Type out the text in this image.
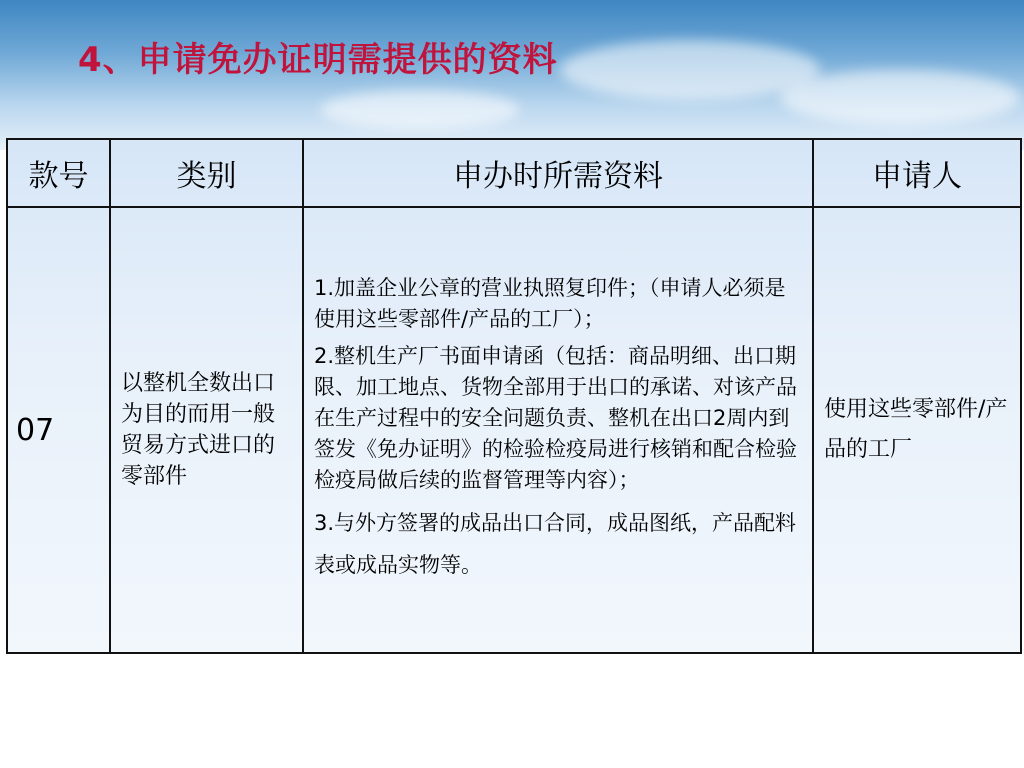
4、申请免办证明需提供的资料
款号	类别	申办时所需资料	申请人
07	以整机全数出口为目的而用一般贸易方式进口的零部件	1.加盖企业公章的营业执照复印件；（申请人必须是使用这些零部件/产品的工厂）；

2.整机生产厂书面申请函（包括：商品明细、出口期限、加工地点、货物全部用于出口的承诺、对该产品在生产过程中的安全问题负责、整机在出口2周内到签发《免办证明》的检验检疫局进行核销和配合检验检疫局做后续的监督管理等内容）；

3.与外方签署的成品出口合同，成品图纸，产品配料表或成品实物等。	使用这些零部件/产品的工厂
